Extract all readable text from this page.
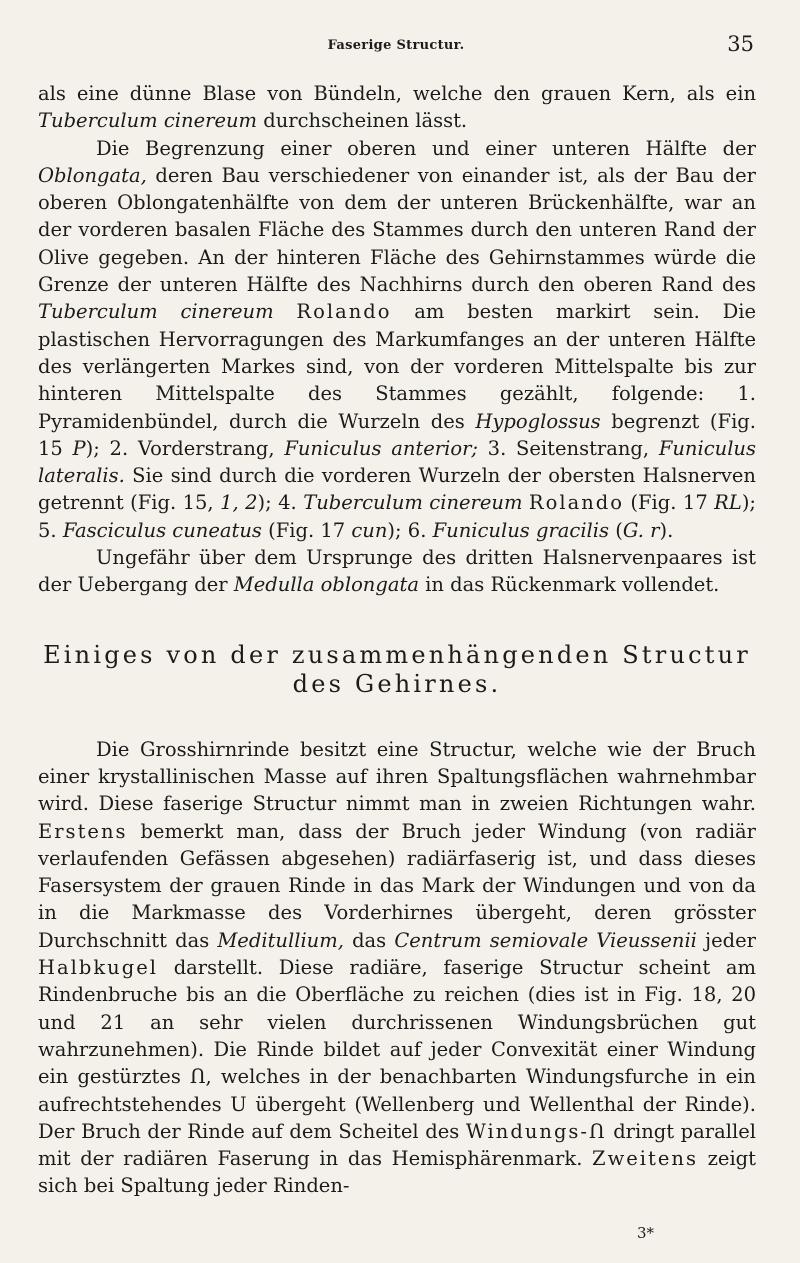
Faserige Structur.	35

als eine dünne Blase von Bündeln, welche den grauen Kern, als ein Tuberculum cinereum durchscheinen lässt.

Die Begrenzung einer oberen und einer unteren Hälfte der Oblongata, deren Bau verschiedener von einander ist, als der Bau der oberen Oblongatenhälfte von dem der unteren Brückenhälfte, war an der vorderen basalen Fläche des Stammes durch den unteren Rand der Olive gegeben. An der hinteren Fläche des Gehirnstammes würde die Grenze der unteren Hälfte des Nachhirns durch den oberen Rand des Tuberculum cinereum Rolando am besten markirt sein. Die plastischen Hervorragungen des Markumfanges an der unteren Hälfte des verlängerten Markes sind, von der vorderen Mittelspalte bis zur hinteren Mittelspalte des Stammes gezählt, folgende: 1. Pyramidenbündel, durch die Wurzeln des Hypoglossus begrenzt (Fig. 15 P); 2. Vorderstrang, Funiculus anterior; 3. Seitenstrang, Funiculus lateralis. Sie sind durch die vorderen Wurzeln der obersten Halsnerven getrennt (Fig. 15, 1, 2); 4. Tuberculum cinereum Rolando (Fig. 17 RL); 5. Fasciculus cuneatus (Fig. 17 cun); 6. Funiculus gracilis (G. r).

Ungefähr über dem Ursprunge des dritten Halsnervenpaares ist der Uebergang der Medulla oblongata in das Rückenmark vollendet.

Einiges von der zusammenhängenden Structur
des Gehirnes.

Die Grosshirnrinde besitzt eine Structur, welche wie der Bruch einer krystallinischen Masse auf ihren Spaltungsflächen wahrnehmbar wird. Diese faserige Structur nimmt man in zweien Richtungen wahr. Erstens bemerkt man, dass der Bruch jeder Windung (von radiär verlaufenden Gefässen abgesehen) radiärfaserig ist, und dass dieses Fasersystem der grauen Rinde in das Mark der Windungen und von da in die Markmasse des Vorderhirnes übergeht, deren grösster Durchschnitt das Meditullium, das Centrum semiovale Vieussenii jeder Halbkugel darstellt. Diese radiäre, faserige Structur scheint am Rindenbruche bis an die Oberfläche zu reichen (dies ist in Fig. 18, 20 und 21 an sehr vielen durchrissenen Windungsbrüchen gut wahrzunehmen). Die Rinde bildet auf jeder Convexität einer Windung ein gestürztes Ո, welches in der benachbarten Windungsfurche in ein aufrechtstehendes U übergeht (Wellenberg und Wellenthal der Rinde). Der Bruch der Rinde auf dem Scheitel des Windungs-Ո dringt parallel mit der radiären Faserung in das Hemisphärenmark. Zweitens zeigt sich bei Spaltung jeder Rinden-

3*
